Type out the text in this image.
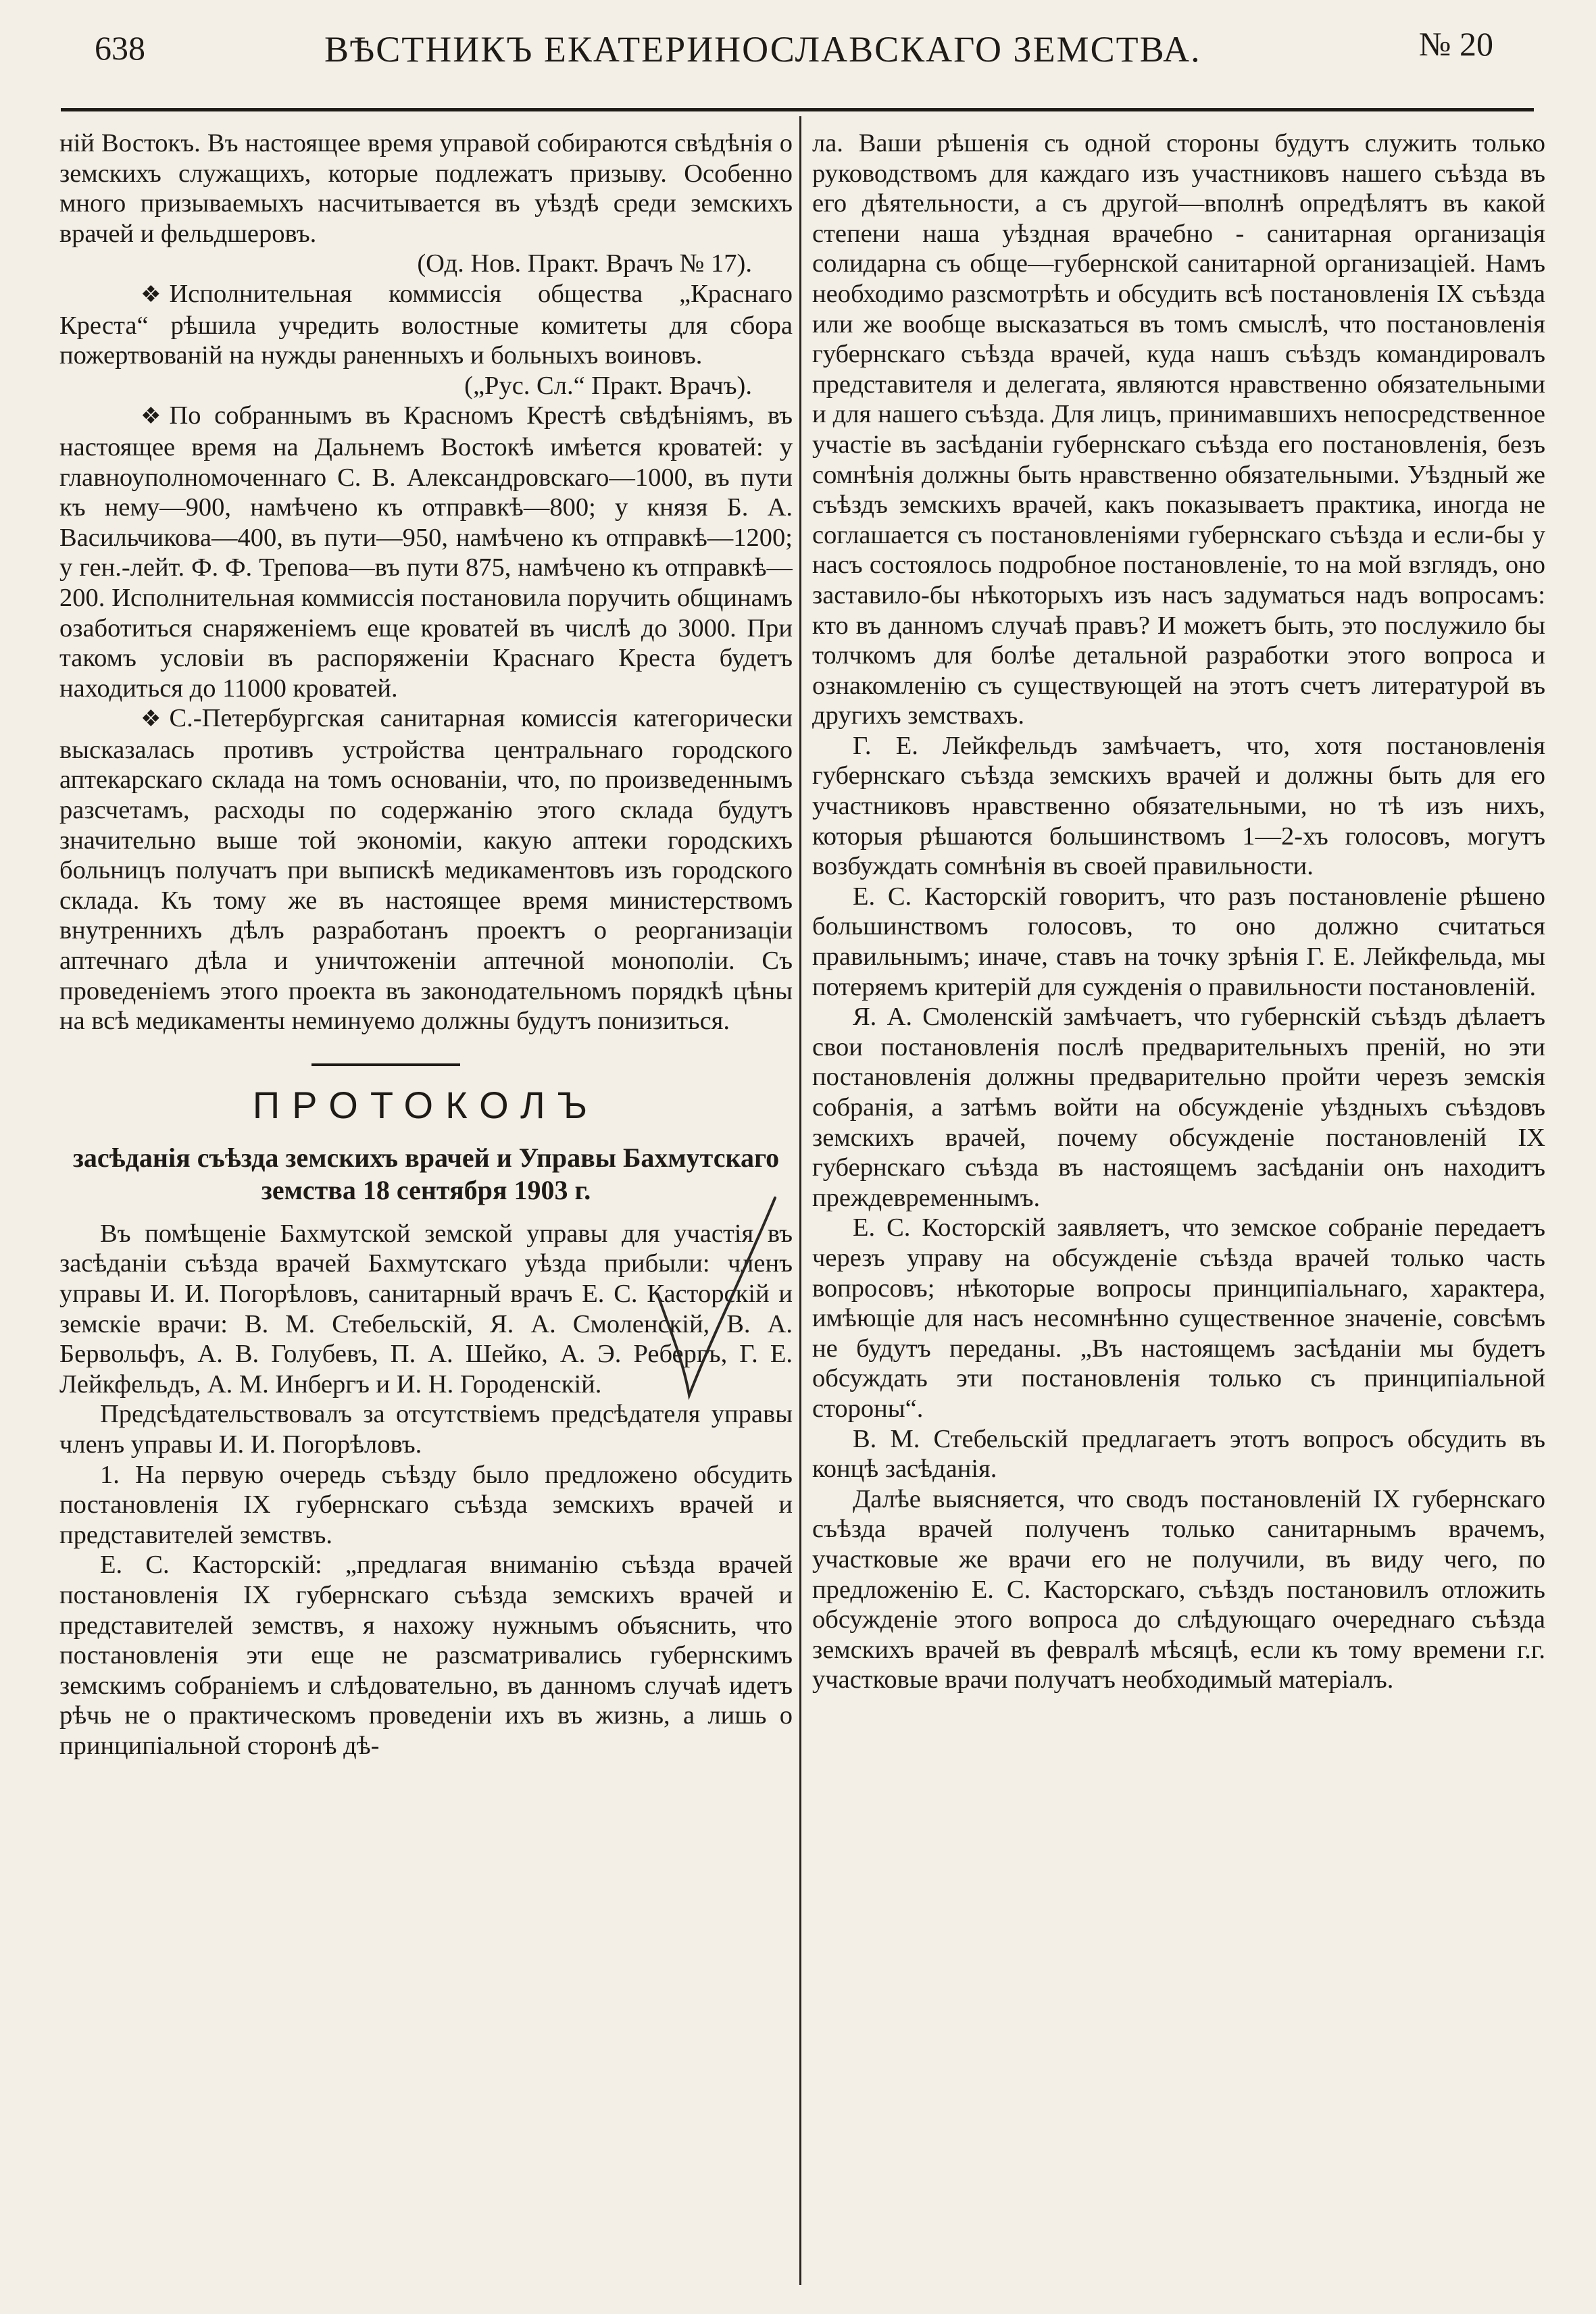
638	ВѢСТНИКЪ ЕКАТЕРИНОСЛАВСКАГО ЗЕМСТВА.	№ 20

ній Востокъ. Въ настоящее время управой собираются свѣдѣнія о земскихъ служащихъ, которые подлежатъ призыву. Особенно много призываемыхъ насчитывается въ уѣздѣ среди земскихъ врачей и фельдшеровъ.

(Од. Нов. Практ. Врачъ № 17).

❖ Исполнительная коммиссія общества „Краснаго Креста“ рѣшила учредить волостные комитеты для сбора пожертвованій на нужды раненныхъ и больныхъ воиновъ.

(„Рус. Сл.“ Практ. Врачъ).

❖ По собраннымъ въ Красномъ Крестѣ свѣдѣніямъ, въ настоящее время на Дальнемъ Востокѣ имѣется кроватей: у главноуполномоченнаго С. В. Александровскаго—1000, въ пути къ нему—900, намѣчено къ отправкѣ—800; у князя Б. А. Васильчикова—400, въ пути—950, намѣчено къ отправкѣ—1200; у ген.-лейт. Ф. Ф. Трепова—въ пути 875, намѣчено къ отправкѣ—200. Исполнительная коммиссія постановила поручить общинамъ озаботиться снаряженіемъ еще кроватей въ числѣ до 3000. При такомъ условіи въ распоряженіи Краснаго Креста будетъ находиться до 11000 кроватей.

❖ С.-Петербургская санитарная комиссія категорически высказалась противъ устройства центральнаго городского аптекарскаго склада на томъ основаніи, что, по произведеннымъ разсчетамъ, расходы по содержанію этого склада будутъ значительно выше той экономіи, какую аптеки городскихъ больницъ получатъ при выпискѣ медикаментовъ изъ городского склада. Къ тому же въ настоящее время министерствомъ внутреннихъ дѣлъ разработанъ проектъ о реорганизаціи аптечнаго дѣла и уничтоженіи аптечной монополіи. Съ проведеніемъ этого проекта въ законодательномъ порядкѣ цѣны на всѣ медикаменты неминуемо должны будутъ понизиться.

ПРОТОКОЛЪ
засѣданія съѣзда земскихъ врачей и Управы Бахмутскаго земства 18 сентября 1903 г.

Въ помѣщеніе Бахмутской земской управы для участія въ засѣданіи съѣзда врачей Бахмутскаго уѣзда прибыли: членъ управы И. И. Погорѣловъ, санитарный врачъ Е. С. Касторскій и земскіе врачи: В. М. Стебельскій, Я. А. Смоленскій, В. А. Бервольфъ, А. В. Голубевъ, П. А. Шейко, А. Э. Ребергъ, Г. Е. Лейкфельдъ, А. М. Инбергъ и И. Н. Городенскій.

Предсѣдательствовалъ за отсутствіемъ предсѣдателя управы членъ управы И. И. Погорѣловъ.

1. На первую очередь съѣзду было предложено обсудить постановленія IX губернскаго съѣзда земскихъ врачей и представителей земствъ.

Е. С. Касторскій: „предлагая вниманію съѣзда врачей постановленія IX губернскаго съѣзда земскихъ врачей и представителей земствъ, я нахожу нужнымъ объяснить, что постановленія эти еще не разсматривались губернскимъ земскимъ собраніемъ и слѣдовательно, въ данномъ случаѣ идетъ рѣчь не о практическомъ проведеніи ихъ въ жизнь, а лишь о принципіальной сторонѣ дѣ-

ла. Ваши рѣшенія съ одной стороны будутъ служить только руководствомъ для каждаго изъ участниковъ нашего съѣзда въ его дѣятельности, а съ другой—вполнѣ опредѣлятъ въ какой степени наша уѣздная врачебно - санитарная организація солидарна съ обще—губернской санитарной организаціей. Намъ необходимо разсмотрѣть и обсудить всѣ постановленія IX съѣзда или же вообще высказаться въ томъ смыслѣ, что постановленія губернскаго съѣзда врачей, куда нашъ съѣздъ командировалъ представителя и делегата, являются нравственно обязательными и для нашего съѣзда. Для лицъ, принимавшихъ непосредственное участіе въ засѣданіи губернскаго съѣзда его постановленія, безъ сомнѣнія должны быть нравственно обязательными. Уѣздный же съѣздъ земскихъ врачей, какъ показываетъ практика, иногда не соглашается съ постановленіями губернскаго съѣзда и если-бы у насъ состоялось подробное постановленіе, то на мой взглядъ, оно заставило-бы нѣкоторыхъ изъ насъ задуматься надъ вопросамъ: кто въ данномъ случаѣ правъ? И можетъ быть, это послужило бы толчкомъ для болѣе детальной разработки этого вопроса и ознакомленію съ существующей на этотъ счетъ литературой въ другихъ земствахъ.

Г. Е. Лейкфельдъ замѣчаетъ, что, хотя постановленія губернскаго съѣзда земскихъ врачей и должны быть для его участниковъ нравственно обязательными, но тѣ изъ нихъ, которыя рѣшаются большинствомъ 1—2-хъ голосовъ, могутъ возбуждать сомнѣнія въ своей правильности.

Е. С. Касторскій говоритъ, что разъ постановленіе рѣшено большинствомъ голосовъ, то оно должно считаться правильнымъ; иначе, ставъ на точку зрѣнія Г. Е. Лейкфельда, мы потеряемъ критерій для сужденія о правильности постановленій.

Я. А. Смоленскій замѣчаетъ, что губернскій съѣздъ дѣлаетъ свои постановленія послѣ предварительныхъ преній, но эти постановленія должны предварительно пройти черезъ земскія собранія, а затѣмъ войти на обсужденіе уѣздныхъ съѣздовъ земскихъ врачей, почему обсужденіе постановленій IX губернскаго съѣзда въ настоящемъ засѣданіи онъ находитъ преждевременнымъ.

Е. С. Косторскій заявляетъ, что земское собраніе передаетъ черезъ управу на обсужденіе съѣзда врачей только часть вопросовъ; нѣкоторые вопросы принципіальнаго, характера, имѣющіе для насъ несомнѣнно существенное значеніе, совсѣмъ не будутъ переданы. „Въ настоящемъ засѣданіи мы будетъ обсуждать эти постановленія только съ принципіальной стороны“.

В. М. Стебельскій предлагаетъ этотъ вопросъ обсудить въ концѣ засѣданія.

Далѣе выясняется, что сводъ постановленій IX губернскаго съѣзда врачей полученъ только санитарнымъ врачемъ, участковые же врачи его не получили, въ виду чего, по предложенію Е. С. Касторскаго, съѣздъ постановилъ отложить обсужденіе этого вопроса до слѣдующаго очереднаго съѣзда земскихъ врачей въ февралѣ мѣсяцѣ, если къ тому времени г.г. участковые врачи получатъ необходимый матеріалъ.
